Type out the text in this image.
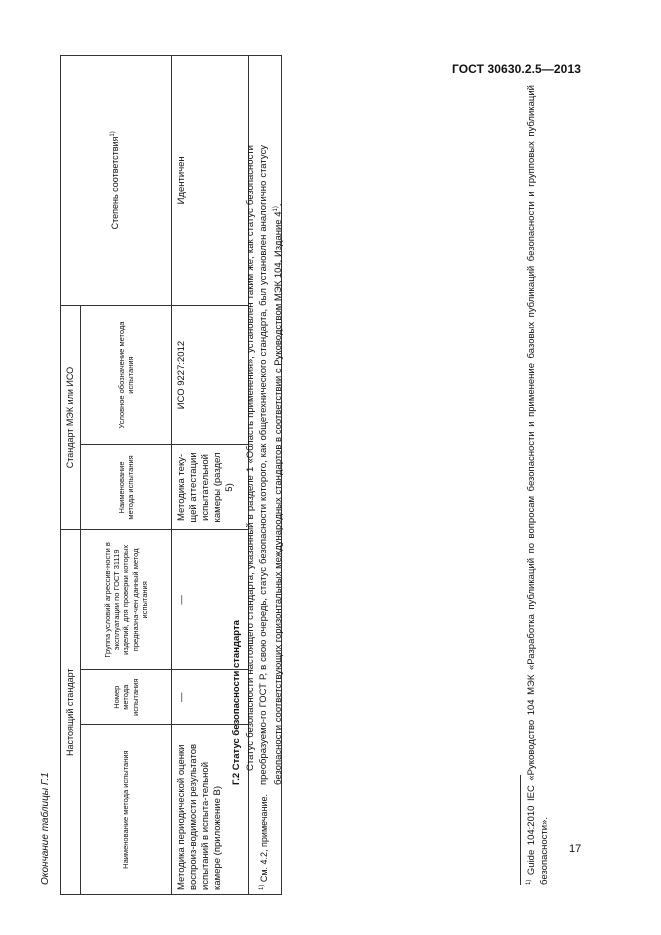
ГОСТ 30630.2.5—2013
17
Окончание таблицы Г.1
Настоящий стандарт			Стандарт МЭК или ИСО		Степень соответствия$^{1)}$
Наименование метода испытания	Номер метода испытания	Группа условий агрессив-ности в эксплуатации по ГОСТ 31119 изделий, для проверки которых предназна-чен данный метод испытания	Наименование метода испытания	Условное обозначение метода испытания	
Методика периодической оценки воспроиз-водимости результатов испытаний в испыта-тельной камере (приложение В)	—	—	Методика теку-щей аттестации испытательной камеры (раздел 5)	ИСО 9227:2012	Идентичен
$^{1)}$ См. 4.2, примечание.					
Г.2 Статус безопасности стандарта Статус безопасности настоящего стандарта, указанный в разделе 1 «Область применения», установлен таким же, как статус безопасности преобразуемо-го ГОСТ Р, в свою очередь, статус безопасности которого, как общетехнического стандарта, был установлен аналогично статусу безопасности соответствующих горизонтальных международных стандартов в соответствии с Руководством МЭК 104, Издание 4$^{1)}$.
$^{1)}$ Guide 104:2010 IEC «Руководство 104 МЭК «Разработка публикаций по вопросам безопасности и применение базовых публикаций безопасности и групповых публикаций безопасности».
